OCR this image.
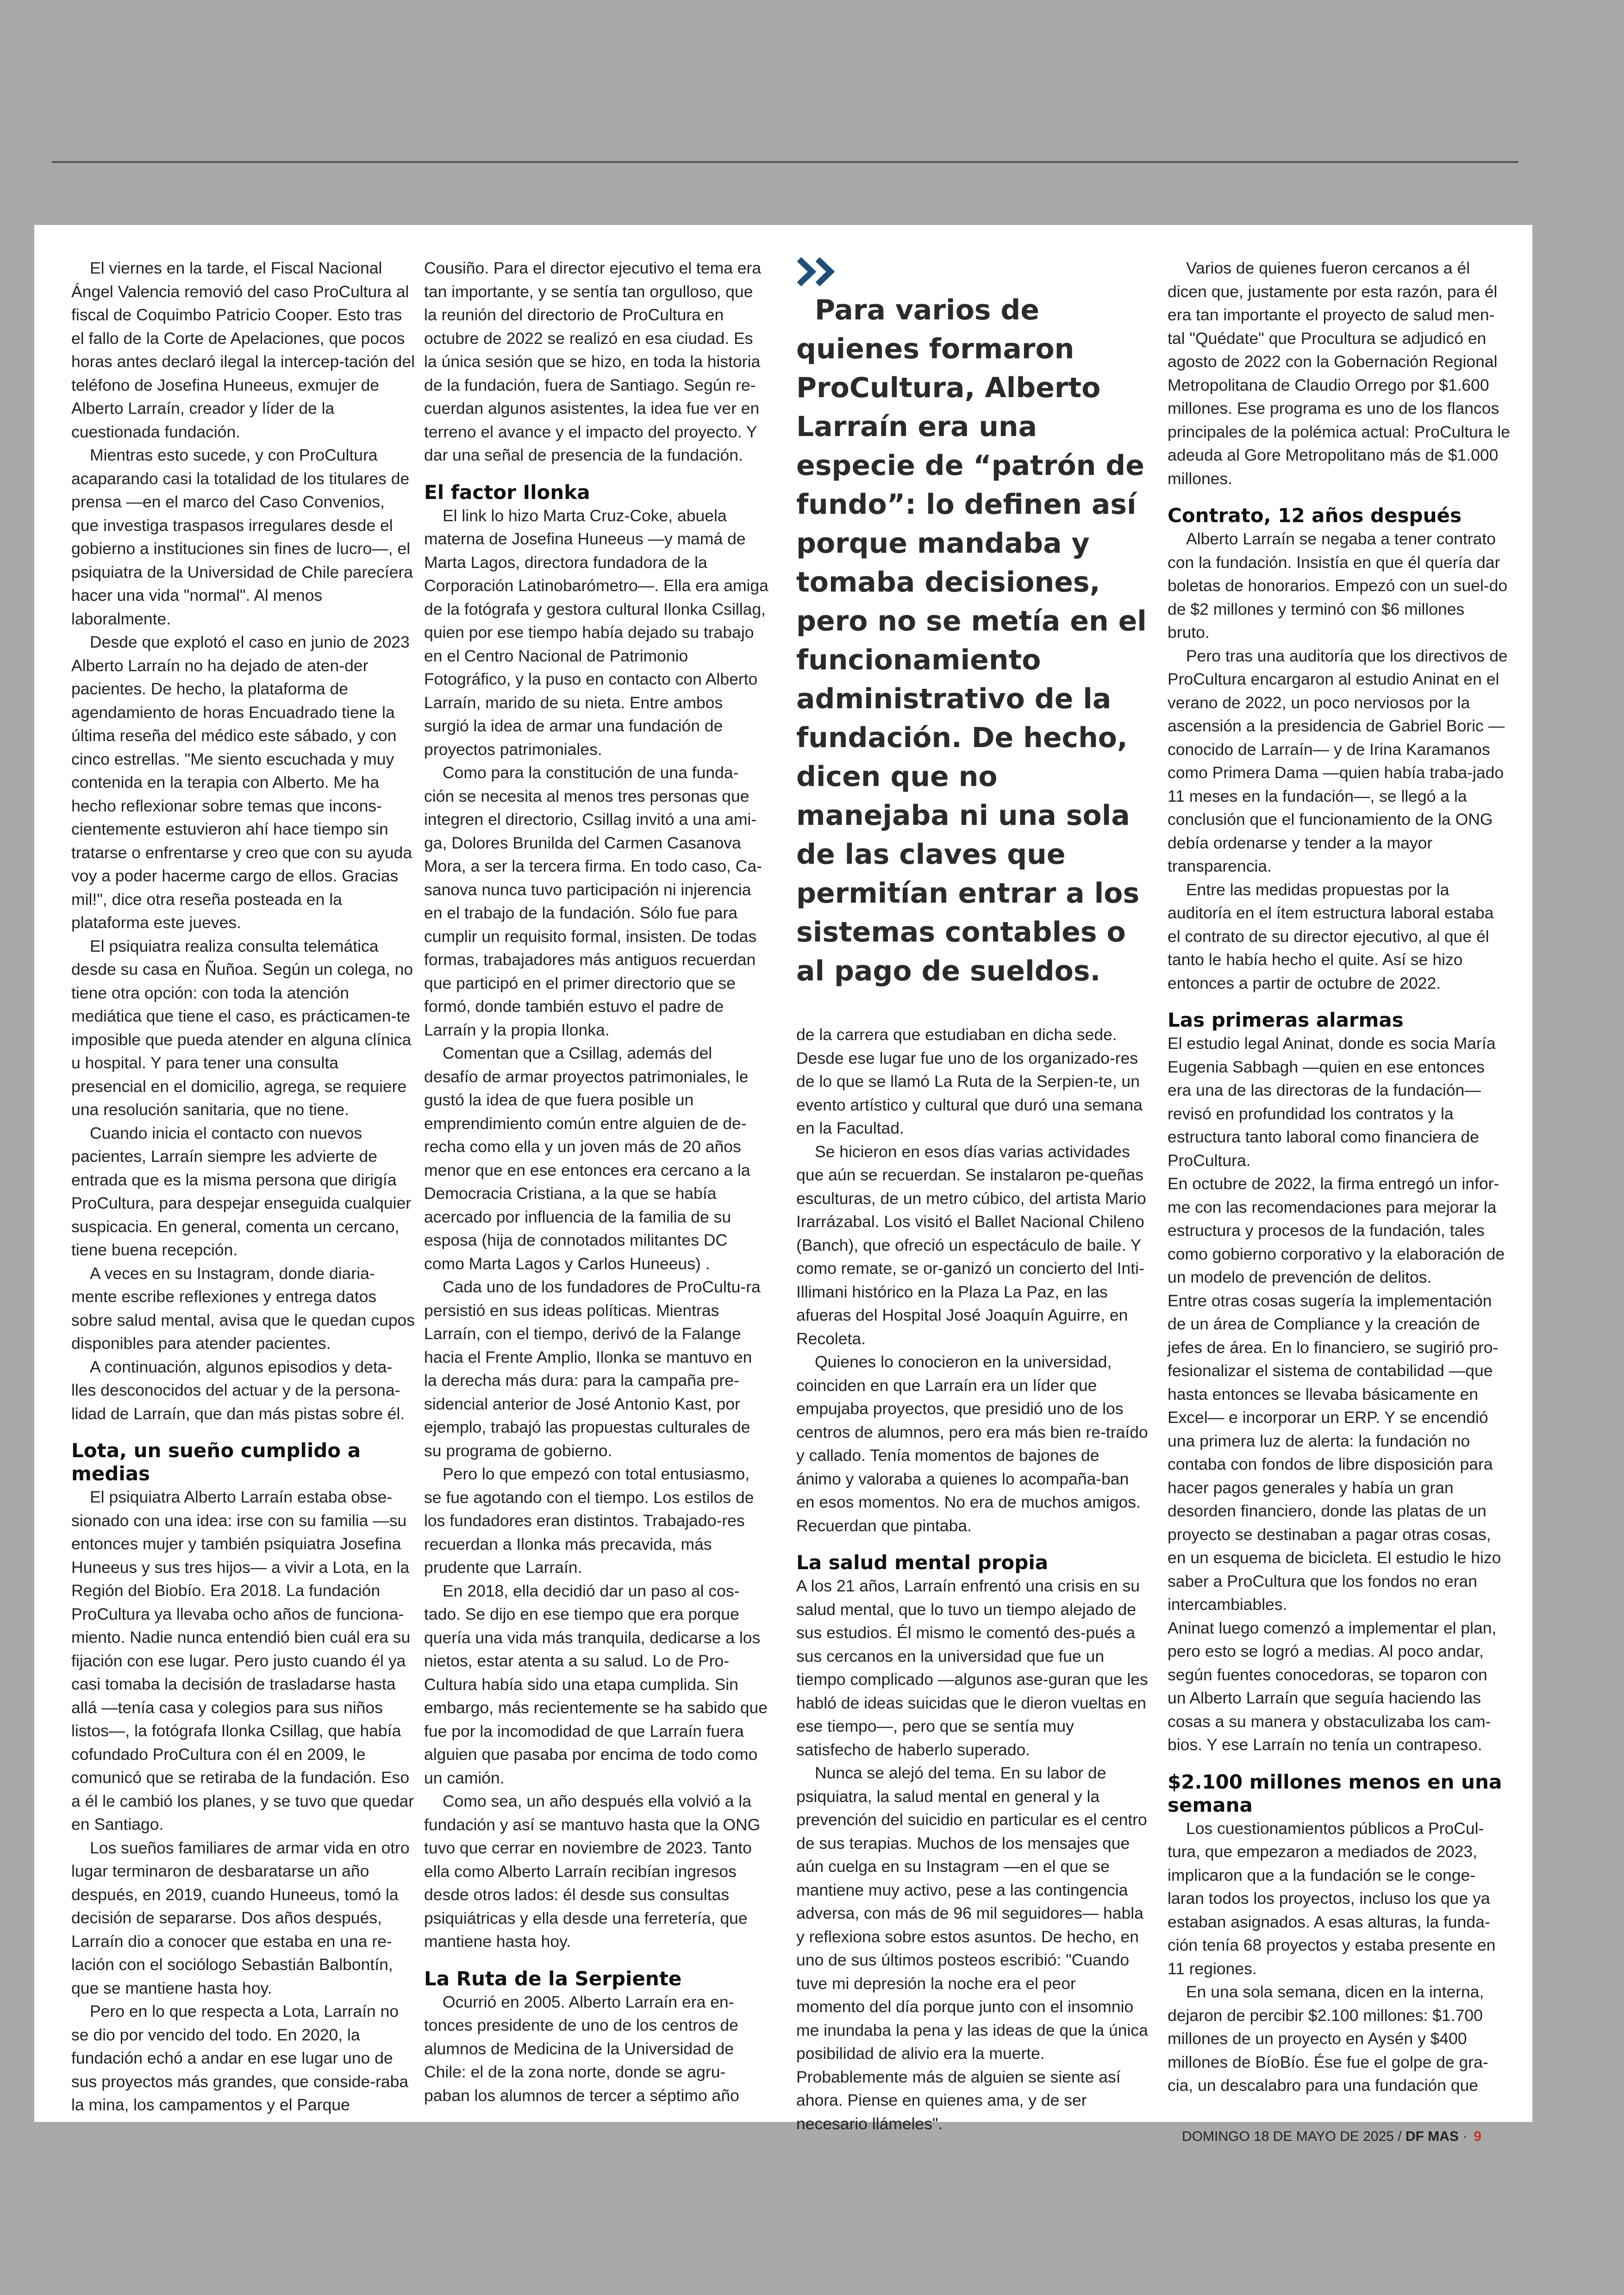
El viernes en la tarde, el Fiscal Nacional Ángel Valencia removió del caso ProCultura al fiscal de Coquimbo Patricio Cooper. Esto tras el fallo de la Corte de Apelaciones, que pocos horas antes declaró ilegal la intercep-tación del teléfono de Josefina Huneeus, exmujer de Alberto Larraín, creador y líder de la cuestionada fundación.

Mientras esto sucede, y con ProCultura acaparando casi la totalidad de los titulares de prensa —en el marco del Caso Convenios, que investiga traspasos irregulares desde el gobierno a instituciones sin fines de lucro—, el psiquiatra de la Universidad de Chile parecíera hacer una vida "normal". Al menos laboralmente.

Desde que explotó el caso en junio de 2023 Alberto Larraín no ha dejado de aten-der pacientes. De hecho, la plataforma de agendamiento de horas Encuadrado tiene la última reseña del médico este sábado, y con cinco estrellas. "Me siento escuchada y muy contenida en la terapia con Alberto. Me ha hecho reflexionar sobre temas que incons-cientemente estuvieron ahí hace tiempo sin tratarse o enfrentarse y creo que con su ayuda voy a poder hacerme cargo de ellos. Gracias mil!", dice otra reseña posteada en la plataforma este jueves.

El psiquiatra realiza consulta telemática desde su casa en Ñuñoa. Según un colega, no tiene otra opción: con toda la atención mediática que tiene el caso, es prácticamen-te imposible que pueda atender en alguna clínica u hospital. Y para tener una consulta presencial en el domicilio, agrega, se requiere una resolución sanitaria, que no tiene.

Cuando inicia el contacto con nuevos pacientes, Larraín siempre les advierte de entrada que es la misma persona que dirigía ProCultura, para despejar enseguida cualquier suspicacia. En general, comenta un cercano, tiene buena recepción.

A veces en su Instagram, donde diaria-mente escribe reflexiones y entrega datos sobre salud mental, avisa que le quedan cupos disponibles para atender pacientes.

A continuación, algunos episodios y deta-lles desconocidos del actuar y de la persona-lidad de Larraín, que dan más pistas sobre él.

Lota, un sueño cumplido a medias

El psiquiatra Alberto Larraín estaba obse-sionado con una idea: irse con su familia —su entonces mujer y también psiquiatra Josefina Huneeus y sus tres hijos— a vivir a Lota, en la Región del Biobío. Era 2018. La fundación ProCultura ya llevaba ocho años de funciona-miento. Nadie nunca entendió bien cuál era su fijación con ese lugar. Pero justo cuando él ya casi tomaba la decisión de trasladarse hasta allá —tenía casa y colegios para sus niños listos—, la fotógrafa Ilonka Csillag, que había cofundado ProCultura con él en 2009, le comunicó que se retiraba de la fundación. Eso a él le cambió los planes, y se tuvo que quedar en Santiago.

Los sueños familiares de armar vida en otro lugar terminaron de desbaratarse un año después, en 2019, cuando Huneeus, tomó la decisión de separarse. Dos años después, Larraín dio a conocer que estaba en una re-lación con el sociólogo Sebastián Balbontín, que se mantiene hasta hoy.

Pero en lo que respecta a Lota, Larraín no se dio por vencido del todo. En 2020, la fundación echó a andar en ese lugar uno de sus proyectos más grandes, que conside-raba la mina, los campamentos y el Parque

Cousiño. Para el director ejecutivo el tema era tan importante, y se sentía tan orgulloso, que la reunión del directorio de ProCultura en octubre de 2022 se realizó en esa ciudad. Es la única sesión que se hizo, en toda la historia de la fundación, fuera de Santiago. Según re-cuerdan algunos asistentes, la idea fue ver en terreno el avance y el impacto del proyecto. Y dar una señal de presencia de la fundación.

El factor Ilonka

El link lo hizo Marta Cruz-Coke, abuela materna de Josefina Huneeus —y mamá de Marta Lagos, directora fundadora de la Corporación Latinobarómetro—. Ella era amiga de la fotógrafa y gestora cultural Ilonka Csillag, quien por ese tiempo había dejado su trabajo en el Centro Nacional de Patrimonio Fotográfico, y la puso en contacto con Alberto Larraín, marido de su nieta. Entre ambos surgió la idea de armar una fundación de proyectos patrimoniales.

Como para la constitución de una funda-ción se necesita al menos tres personas que integren el directorio, Csillag invitó a una ami-ga, Dolores Brunilda del Carmen Casanova Mora, a ser la tercera firma. En todo caso, Ca-sanova nunca tuvo participación ni injerencia en el trabajo de la fundación. Sólo fue para cumplir un requisito formal, insisten. De todas formas, trabajadores más antiguos recuerdan que participó en el primer directorio que se formó, donde también estuvo el padre de Larraín y la propia Ilonka.

Comentan que a Csillag, además del desafío de armar proyectos patrimoniales, le gustó la idea de que fuera posible un emprendimiento común entre alguien de de-recha como ella y un joven más de 20 años menor que en ese entonces era cercano a la Democracia Cristiana, a la que se había acercado por influencia de la familia de su esposa (hija de connotados militantes DC como Marta Lagos y Carlos Huneeus) .

Cada uno de los fundadores de ProCultu-ra persistió en sus ideas políticas. Mientras Larraín, con el tiempo, derivó de la Falange hacia el Frente Amplio, Ilonka se mantuvo en la derecha más dura: para la campaña pre-sidencial anterior de José Antonio Kast, por ejemplo, trabajó las propuestas culturales de su programa de gobierno.

Pero lo que empezó con total entusiasmo, se fue agotando con el tiempo. Los estilos de los fundadores eran distintos. Trabajado-res recuerdan a Ilonka más precavida, más prudente que Larraín.

En 2018, ella decidió dar un paso al cos-tado. Se dijo en ese tiempo que era porque quería una vida más tranquila, dedicarse a los nietos, estar atenta a su salud. Lo de Pro-Cultura había sido una etapa cumplida. Sin embargo, más recientemente se ha sabido que fue por la incomodidad de que Larraín fuera alguien que pasaba por encima de todo como un camión.

Como sea, un año después ella volvió a la fundación y así se mantuvo hasta que la ONG tuvo que cerrar en noviembre de 2023. Tanto ella como Alberto Larraín recibían ingresos desde otros lados: él desde sus consultas psiquiátricas y ella desde una ferretería, que mantiene hasta hoy.

La Ruta de la Serpiente

Ocurrió en 2005. Alberto Larraín era en-tonces presidente de uno de los centros de alumnos de Medicina de la Universidad de Chile: el de la zona norte, donde se agru-paban los alumnos de tercer a séptimo año

Para varios de quienes formaron ProCultura, Alberto Larraín era una especie de “patrón de fundo”: lo definen así porque mandaba y tomaba decisiones, pero no se metía en el funcionamiento administrativo de la fundación. De hecho, dicen que no manejaba ni una sola de las claves que permitían entrar a los sistemas contables o al pago de sueldos.

de la carrera que estudiaban en dicha sede. Desde ese lugar fue uno de los organizado-res de lo que se llamó La Ruta de la Serpien-te, un evento artístico y cultural que duró una semana en la Facultad.

Se hicieron en esos días varias actividades que aún se recuerdan. Se instalaron pe-queñas esculturas, de un metro cúbico, del artista Mario Irarrázabal. Los visitó el Ballet Nacional Chileno (Banch), que ofreció un espectáculo de baile. Y como remate, se or-ganizó un concierto del Inti-Illimani histórico en la Plaza La Paz, en las afueras del Hospital José Joaquín Aguirre, en Recoleta.

Quienes lo conocieron en la universidad, coinciden en que Larraín era un líder que empujaba proyectos, que presidió uno de los centros de alumnos, pero era más bien re-traído y callado. Tenía momentos de bajones de ánimo y valoraba a quienes lo acompaña-ban en esos momentos. No era de muchos amigos. Recuerdan que pintaba.

La salud mental propia

A los 21 años, Larraín enfrentó una crisis en su salud mental, que lo tuvo un tiempo alejado de sus estudios. Él mismo le comentó des-pués a sus cercanos en la universidad que fue un tiempo complicado —algunos ase-guran que les habló de ideas suicidas que le dieron vueltas en ese tiempo—, pero que se sentía muy satisfecho de haberlo superado.

Nunca se alejó del tema. En su labor de psiquiatra, la salud mental en general y la prevención del suicidio en particular es el centro de sus terapias. Muchos de los mensajes que aún cuelga en su Instagram —en el que se mantiene muy activo, pese a las contingencia adversa, con más de 96 mil seguidores— habla y reflexiona sobre estos asuntos. De hecho, en uno de sus últimos posteos escribió: "Cuando tuve mi depresión la noche era el peor momento del día porque junto con el insomnio me inundaba la pena y las ideas de que la única posibilidad de alivio era la muerte. Probablemente más de alguien se siente así ahora. Piense en quienes ama, y de ser necesario llámeles".

Varios de quienes fueron cercanos a él dicen que, justamente por esta razón, para él era tan importante el proyecto de salud men-tal "Quédate" que Procultura se adjudicó en agosto de 2022 con la Gobernación Regional Metropolitana de Claudio Orrego por $1.600 millones. Ese programa es uno de los flancos principales de la polémica actual: ProCultura le adeuda al Gore Metropolitano más de $1.000 millones.

Contrato, 12 años después

Alberto Larraín se negaba a tener contrato con la fundación. Insistía en que él quería dar boletas de honorarios. Empezó con un suel-do de $2 millones y terminó con $6 millones bruto.

Pero tras una auditoría que los directivos de ProCultura encargaron al estudio Aninat en el verano de 2022, un poco nerviosos por la ascensión a la presidencia de Gabriel Boric —conocido de Larraín— y de Irina Karamanos como Primera Dama —quien había traba-jado 11 meses en la fundación—, se llegó a la conclusión que el funcionamiento de la ONG debía ordenarse y tender a la mayor transparencia.

Entre las medidas propuestas por la auditoría en el ítem estructura laboral estaba el contrato de su director ejecutivo, al que él tanto le había hecho el quite. Así se hizo entonces a partir de octubre de 2022.

Las primeras alarmas

El estudio legal Aninat, donde es socia María Eugenia Sabbagh —quien en ese entonces era una de las directoras de la fundación— revisó en profundidad los contratos y la estructura tanto laboral como financiera de ProCultura.

En octubre de 2022, la firma entregó un infor-me con las recomendaciones para mejorar la estructura y procesos de la fundación, tales como gobierno corporativo y la elaboración de un modelo de prevención de delitos.

Entre otras cosas sugería la implementación de un área de Compliance y la creación de jefes de área. En lo financiero, se sugirió pro-fesionalizar el sistema de contabilidad —que hasta entonces se llevaba básicamente en Excel— e incorporar un ERP. Y se encendió una primera luz de alerta: la fundación no contaba con fondos de libre disposición para hacer pagos generales y había un gran desorden financiero, donde las platas de un proyecto se destinaban a pagar otras cosas, en un esquema de bicicleta. El estudio le hizo saber a ProCultura que los fondos no eran intercambiables.

Aninat luego comenzó a implementar el plan, pero esto se logró a medias. Al poco andar, según fuentes conocedoras, se toparon con un Alberto Larraín que seguía haciendo las cosas a su manera y obstaculizaba los cam-bios. Y ese Larraín no tenía un contrapeso.

$2.100 millones menos en una semana

Los cuestionamientos públicos a ProCul-tura, que empezaron a mediados de 2023, implicaron que a la fundación se le conge-laran todos los proyectos, incluso los que ya estaban asignados. A esas alturas, la funda-ción tenía 68 proyectos y estaba presente en 11 regiones.

En una sola semana, dicen en la interna, dejaron de percibir $2.100 millones: $1.700 millones de un proyecto en Aysén y $400 millones de BíoBío. Ése fue el golpe de gra-cia, un descalabro para una fundación que

DOMINGO 18 DE MAYO DE 2025 / DF MAS · 9
